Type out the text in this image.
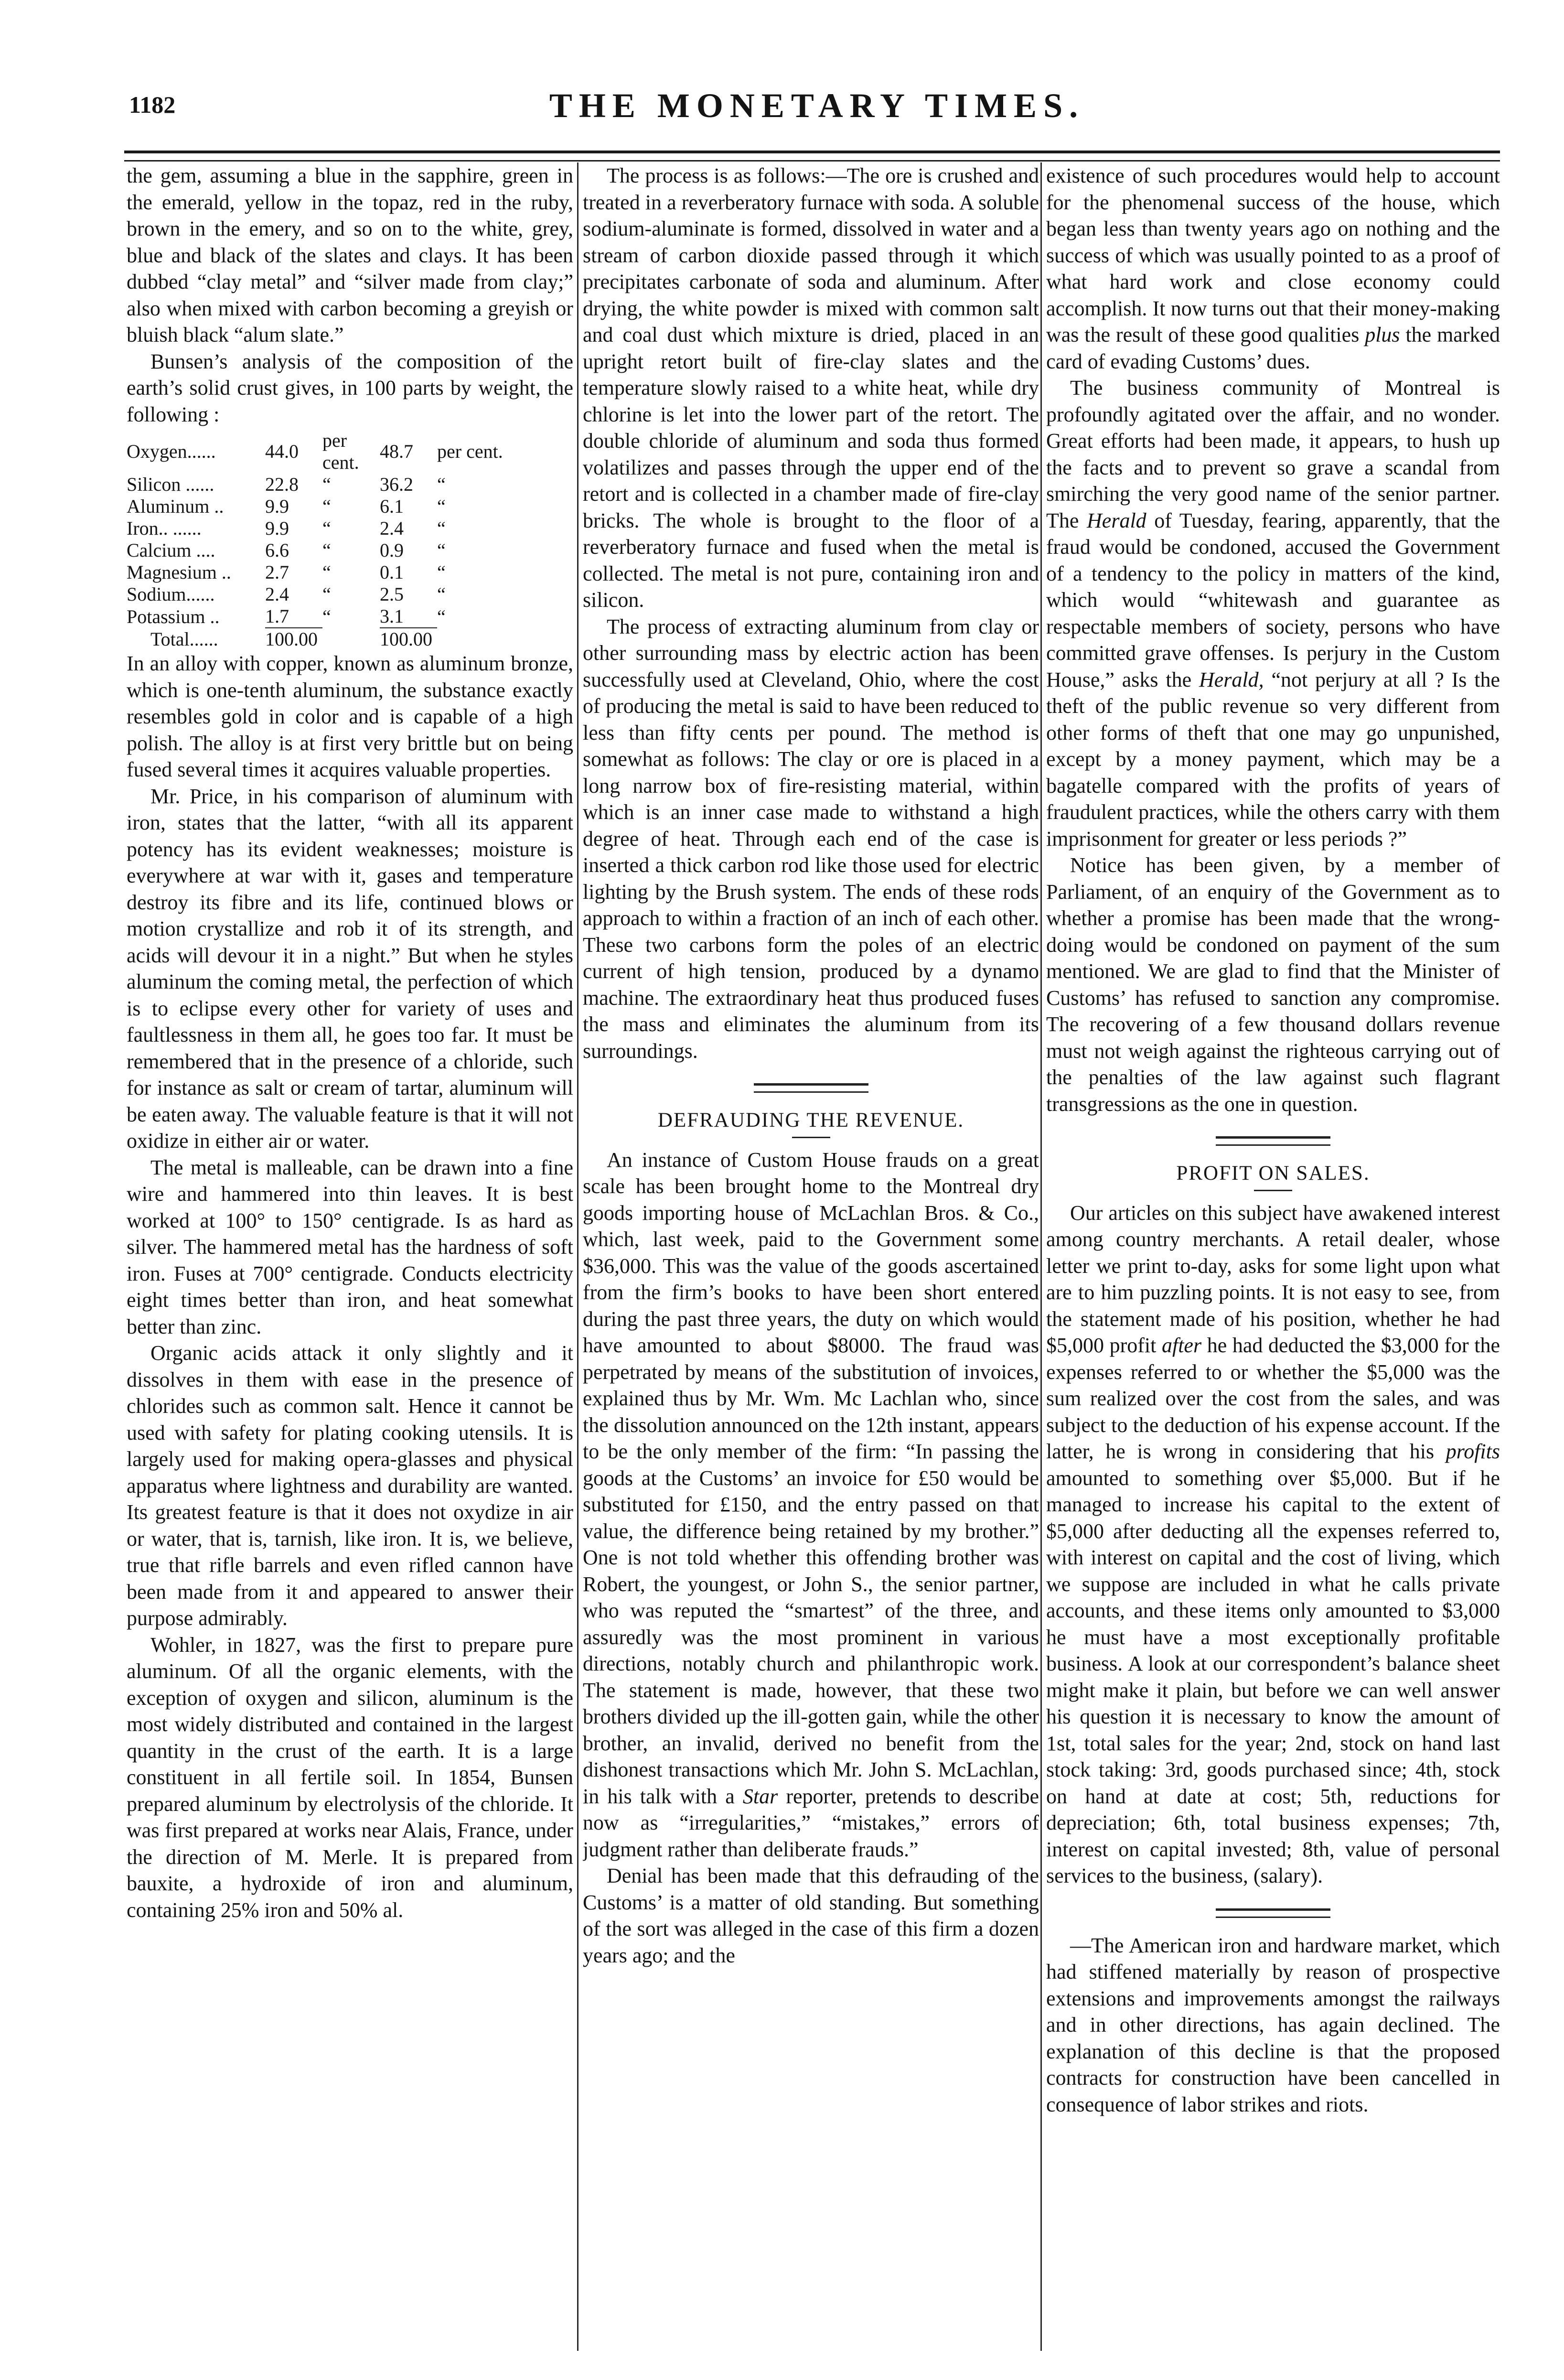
1182	THE MONETARY TIMES.

the gem, assuming a blue in the sapphire, green in the emerald, yellow in the topaz, red in the ruby, brown in the emery, and so on to the white, grey, blue and black of the slates and clays. It has been dubbed “clay metal” and “silver made from clay;” also when mixed with carbon becoming a greyish or bluish black “alum slate.”

Bunsen’s analysis of the composition of the earth’s solid crust gives, in 100 parts by weight, the following :

Oxygen......	44.0	per cent.	48.7	per cent.
Silicon ......	22.8	“	36.2	“
Aluminum ..	9.9	“	6.1	“
Iron.. ......	9.9	“	2.4	“
Calcium ....	6.6	“	0.9	“
Magnesium ..	2.7	“	0.1	“
Sodium......	2.4	“	2.5	“
Potassium ..	1.7	“	3.1	“
Total......	100.00		100.00	

In an alloy with copper, known as aluminum bronze, which is one-tenth aluminum, the substance exactly resembles gold in color and is capable of a high polish. The alloy is at first very brittle but on being fused several times it acquires valuable properties.

Mr. Price, in his comparison of aluminum with iron, states that the latter, “with all its apparent potency has its evident weaknesses; moisture is everywhere at war with it, gases and temperature destroy its fibre and its life, continued blows or motion crystallize and rob it of its strength, and acids will devour it in a night.” But when he styles aluminum the coming metal, the perfection of which is to eclipse every other for variety of uses and faultlessness in them all, he goes too far. It must be remembered that in the presence of a chloride, such for instance as salt or cream of tartar, aluminum will be eaten away. The valuable feature is that it will not oxidize in either air or water.

The metal is malleable, can be drawn into a fine wire and hammered into thin leaves. It is best worked at 100° to 150° centigrade. Is as hard as silver. The hammered metal has the hardness of soft iron. Fuses at 700° centigrade. Conducts electricity eight times better than iron, and heat somewhat better than zinc.

Organic acids attack it only slightly and it dissolves in them with ease in the presence of chlorides such as common salt. Hence it cannot be used with safety for plating cooking utensils. It is largely used for making opera-glasses and physical apparatus where lightness and durability are wanted. Its greatest feature is that it does not oxydize in air or water, that is, tarnish, like iron. It is, we believe, true that rifle barrels and even rifled cannon have been made from it and appeared to answer their purpose admirably.

Wohler, in 1827, was the first to prepare pure aluminum. Of all the organic elements, with the exception of oxygen and silicon, aluminum is the most widely distributed and contained in the largest quantity in the crust of the earth. It is a large constituent in all fertile soil. In 1854, Bunsen prepared aluminum by electrolysis of the chloride. It was first prepared at works near Alais, France, under the direction of M. Merle. It is prepared from bauxite, a hydroxide of iron and aluminum, containing 25% iron and 50% al.

The process is as follows:—The ore is crushed and treated in a reverberatory furnace with soda. A soluble sodium-aluminate is formed, dissolved in water and a stream of carbon dioxide passed through it which precipitates carbonate of soda and aluminum. After drying, the white powder is mixed with common salt and coal dust which mixture is dried, placed in an upright retort built of fire-clay slates and the temperature slowly raised to a white heat, while dry chlorine is let into the lower part of the retort. The double chloride of aluminum and soda thus formed volatilizes and passes through the upper end of the retort and is collected in a chamber made of fire-clay bricks. The whole is brought to the floor of a reverberatory furnace and fused when the metal is collected. The metal is not pure, containing iron and silicon.

The process of extracting aluminum from clay or other surrounding mass by electric action has been successfully used at Cleveland, Ohio, where the cost of producing the metal is said to have been reduced to less than fifty cents per pound. The method is somewhat as follows: The clay or ore is placed in a long narrow box of fire-resisting material, within which is an inner case made to withstand a high degree of heat. Through each end of the case is inserted a thick carbon rod like those used for electric lighting by the Brush system. The ends of these rods approach to within a fraction of an inch of each other. These two carbons form the poles of an electric current of high tension, produced by a dynamo machine. The extraordinary heat thus produced fuses the mass and eliminates the aluminum from its surroundings.

DEFRAUDING THE REVENUE.

An instance of Custom House frauds on a great scale has been brought home to the Montreal dry goods importing house of McLachlan Bros. & Co., which, last week, paid to the Government some $36,000. This was the value of the goods ascertained from the firm’s books to have been short entered during the past three years, the duty on which would have amounted to about $8000. The fraud was perpetrated by means of the substitution of invoices, explained thus by Mr. Wm. Mc Lachlan who, since the dissolution announced on the 12th instant, appears to be the only member of the firm: “In passing the goods at the Customs’ an invoice for £50 would be substituted for £150, and the entry passed on that value, the difference being retained by my brother.” One is not told whether this offending brother was Robert, the youngest, or John S., the senior partner, who was reputed the “smartest” of the three, and assuredly was the most prominent in various directions, notably church and philanthropic work. The statement is made, however, that these two brothers divided up the ill-gotten gain, while the other brother, an invalid, derived no benefit from the dishonest transactions which Mr. John S. McLachlan, in his talk with a Star reporter, pretends to describe now as “irregularities,” “mistakes,” errors of judgment rather than deliberate frauds.”

Denial has been made that this defrauding of the Customs’ is a matter of old standing. But something of the sort was alleged in the case of this firm a dozen years ago; and the

existence of such procedures would help to account for the phenomenal success of the house, which began less than twenty years ago on nothing and the success of which was usually pointed to as a proof of what hard work and close economy could accomplish. It now turns out that their money-making was the result of these good qualities plus the marked card of evading Customs’ dues.

The business community of Montreal is profoundly agitated over the affair, and no wonder. Great efforts had been made, it appears, to hush up the facts and to prevent so grave a scandal from smirching the very good name of the senior partner. The Herald of Tuesday, fearing, apparently, that the fraud would be condoned, accused the Government of a tendency to the policy in matters of the kind, which would “whitewash and guarantee as respectable members of society, persons who have committed grave offenses. Is perjury in the Custom House,” asks the Herald, “not perjury at all ? Is the theft of the public revenue so very different from other forms of theft that one may go unpunished, except by a money payment, which may be a bagatelle compared with the profits of years of fraudulent practices, while the others carry with them imprisonment for greater or less periods ?”

Notice has been given, by a member of Parliament, of an enquiry of the Government as to whether a promise has been made that the wrong-doing would be condoned on payment of the sum mentioned. We are glad to find that the Minister of Customs’ has refused to sanction any compromise. The recovering of a few thousand dollars revenue must not weigh against the righteous carrying out of the penalties of the law against such flagrant transgressions as the one in question.

PROFIT ON SALES.

Our articles on this subject have awakened interest among country merchants. A retail dealer, whose letter we print to-day, asks for some light upon what are to him puzzling points. It is not easy to see, from the statement made of his position, whether he had $5,000 profit after he had deducted the $3,000 for the expenses referred to or whether the $5,000 was the sum realized over the cost from the sales, and was subject to the deduction of his expense account. If the latter, he is wrong in considering that his profits amounted to something over $5,000. But if he managed to increase his capital to the extent of $5,000 after deducting all the expenses referred to, with interest on capital and the cost of living, which we suppose are included in what he calls private accounts, and these items only amounted to $3,000 he must have a most exceptionally profitable business. A look at our correspondent’s balance sheet might make it plain, but before we can well answer his question it is necessary to know the amount of 1st, total sales for the year; 2nd, stock on hand last stock taking: 3rd, goods purchased since; 4th, stock on hand at date at cost; 5th, reductions for depreciation; 6th, total business expenses; 7th, interest on capital invested; 8th, value of personal services to the business, (salary).

—The American iron and hardware market, which had stiffened materially by reason of prospective extensions and improvements amongst the railways and in other directions, has again declined. The explanation of this decline is that the proposed contracts for construction have been cancelled in consequence of labor strikes and riots.
